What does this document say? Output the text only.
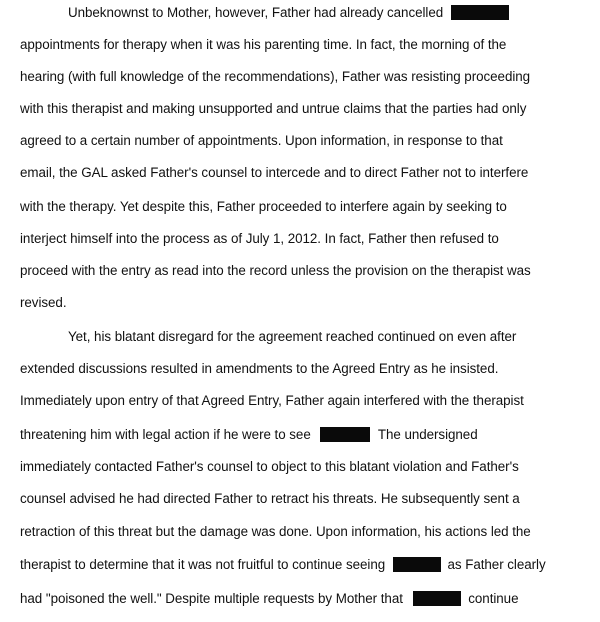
Unbeknownst to Mother, however, Father had already cancelled
appointments for therapy when it was his parenting time. In fact, the morning of the
hearing (with full knowledge of the recommendations), Father was resisting proceeding
with this therapist and making unsupported and untrue claims that the parties had only
agreed to a certain number of appointments. Upon information, in response to that
email, the GAL asked Father's counsel to intercede and to direct Father not to interfere
with the therapy. Yet despite this, Father proceeded to interfere again by seeking to
interject himself into the process as of July 1, 2012. In fact, Father then refused to
proceed with the entry as read into the record unless the provision on the therapist was
revised.
Yet, his blatant disregard for the agreement reached continued on even after
extended discussions resulted in amendments to the Agreed Entry as he insisted.
Immediately upon entry of that Agreed Entry, Father again interfered with the therapist
threatening him with legal action if he were to see	The undersigned
immediately contacted Father's counsel to object to this blatant violation and Father's
counsel advised he had directed Father to retract his threats. He subsequently sent a
retraction of this threat but the damage was done. Upon information, his actions led the
therapist to determine that it was not fruitful to continue seeing	as Father clearly
had "poisoned the well." Despite multiple requests by Mother that	continue
